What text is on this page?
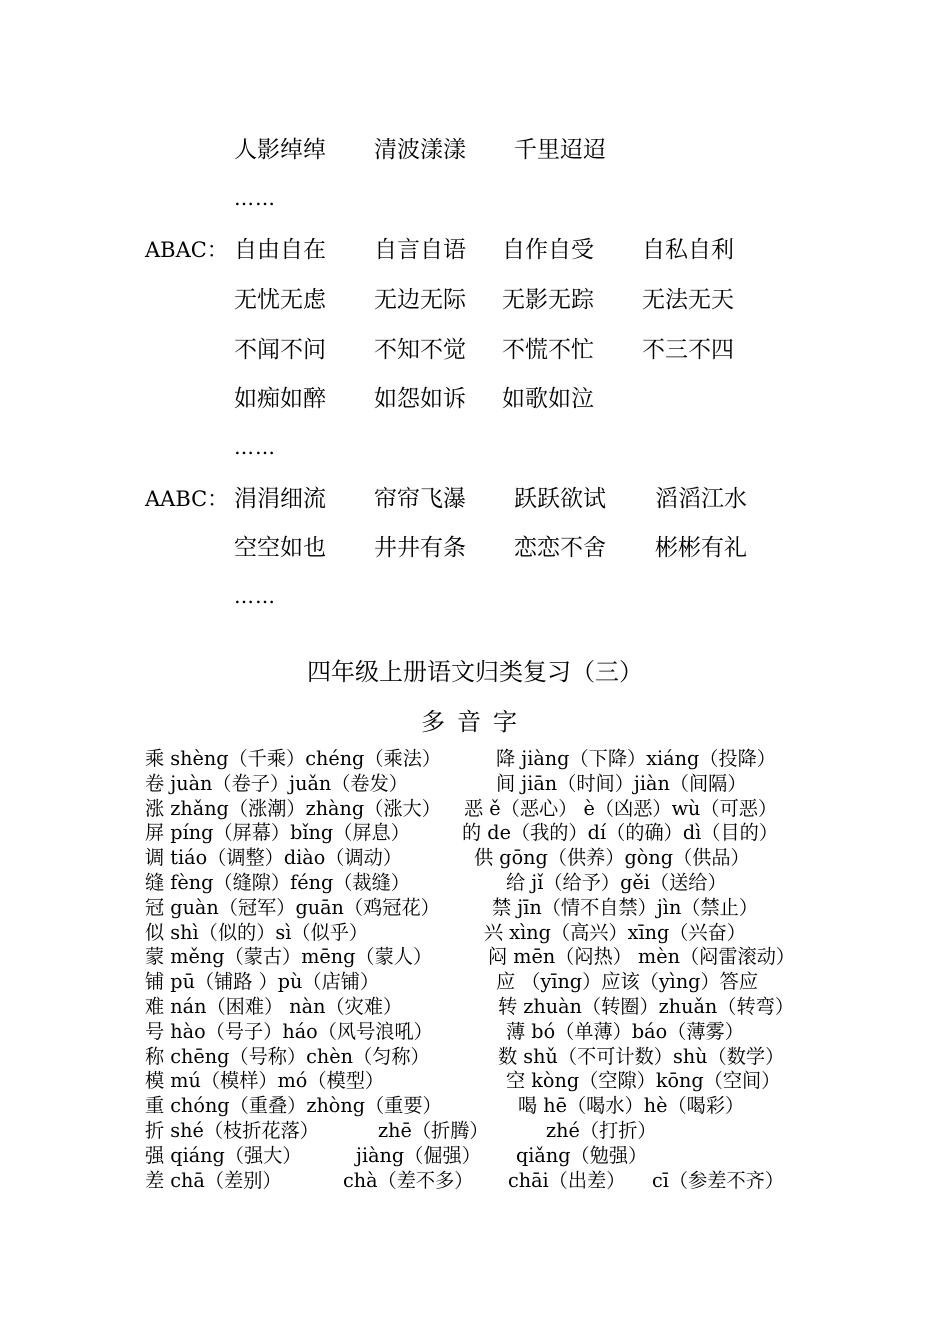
人影绰绰 清波漾漾 千里迢迢
……
ABAC： 自由自在 自言自语 自作自受 自私自利
无忧无虑 无边无际 无影无踪 无法无天
不闻不问 不知不觉 不慌不忙 不三不四
如痴如醉 如怨如诉 如歌如泣
……
AABC： 涓涓细流 帘帘飞瀑 跃跃欲试 滔滔江水
空空如也 井井有条 恋恋不舍 彬彬有礼
……
四年级上册语文归类复习（三）
多音字
乘 shèng（千乘）chéng（乘法）	降 jiàng（下降）xiáng（投降）
卷 juàn（卷子）juǎn（卷发）	间 jiān（时间）jiàn（间隔）
涨 zhǎng（涨潮）zhàng（涨大） 恶 ě（恶心） è（凶恶）wù（可恶）
屏 píng（屏幕）bǐng（屏息）	的 de（我的）dí（的确）dì（目的）
调 tiáo（调整）diào（调动）	供 gōng（供养）gòng（供品）
缝 fèng（缝隙）féng（裁缝）	给 jǐ（给予）gěi（送给）
冠 guàn（冠军）guān（鸡冠花）	禁 jīn（情不自禁）jìn（禁止）
似 shì（似的）sì（似乎）	兴 xìng（高兴）xīng（兴奋）
蒙 měng（蒙古）mēng（蒙人）	闷 mēn（闷热） mèn（闷雷滚动）
铺 pū（铺路 ）pù（店铺）	应 （yīng）应该（yìng）答应
难 nán（困难） nàn（灾难）	转 zhuàn（转圈）zhuǎn（转弯）
号 hào（号子）háo（风号浪吼）	薄 bó（单薄）báo（薄雾）
称 chēng（号称）chèn（匀称）	数 shǔ（不可计数）shù（数学）
模 mú（模样）mó（模型）	空 kòng（空隙）kōng（空间）
重 chóng（重叠）zhòng（重要）	喝 hē（喝水）hè（喝彩）
折 shé（枝折花落）	zhē（折腾）	zhé（打折）
强 qiáng（强大）	jiàng（倔强） qiǎng（勉强）
差 chā（差别）	chà（差不多） chāi（出差） cī（参差不齐）
